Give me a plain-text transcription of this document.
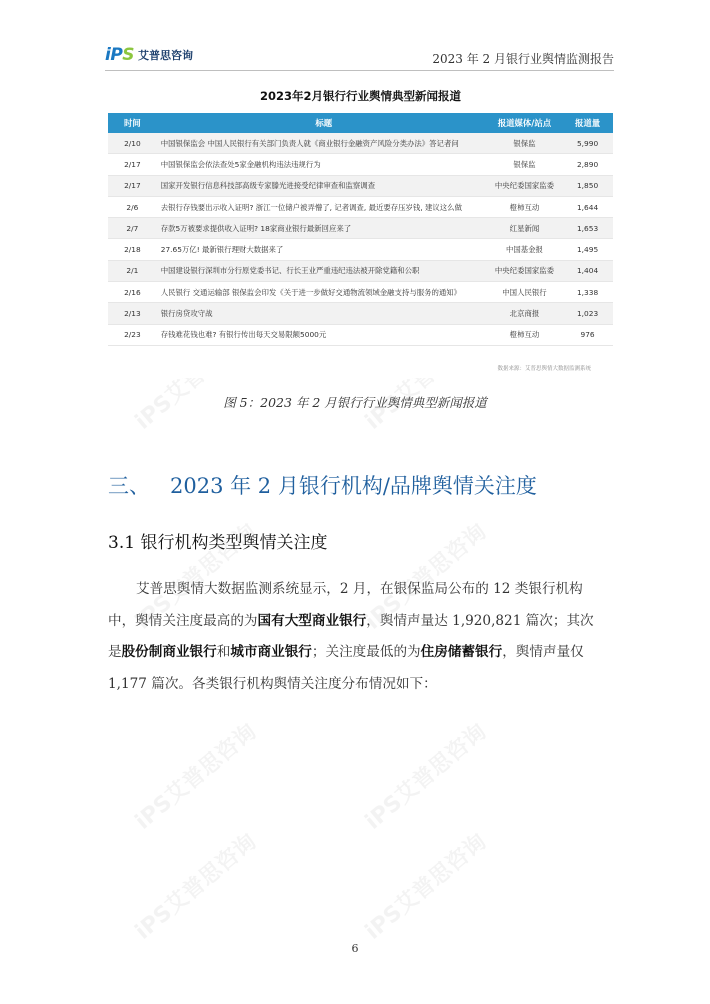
iPS 艾普思咨询	2023 年 2 月银行业舆情监测报告
2023年2月银行行业舆情典型新闻报道
时间	标题	报道媒体/站点	报道量
2/10	中国银保监会 中国人民银行有关部门负责人就《商业银行金融资产风险分类办法》答记者问	银保监	5,990
2/17	中国银保监会依法查处5家金融机构违法违规行为	银保监	2,890
2/17	国家开发银行信息科技部高级专家滕光进接受纪律审查和监察调查	中央纪委国家监委	1,850
2/6	去银行存钱要出示收入证明? 浙江一位储户被弄懵了, 记者调查, 最近要存压岁钱, 建议这么做	橙柿互动	1,644
2/7	存款5万被要求提供收入证明? 18家商业银行最新回应来了	红星新闻	1,653
2/18	27.65万亿! 最新银行理财大数据来了	中国基金报	1,495
2/1	中国建设银行深圳市分行原党委书记、行长王业严重违纪违法被开除党籍和公职	中央纪委国家监委	1,404
2/16	人民银行 交通运输部 银保监会印发《关于进一步做好交通物流领域金融支持与服务的通知》	中国人民银行	1,338
2/13	银行房贷攻守战	北京商报	1,023
2/23	存钱难花钱也难? 有银行传出每天交易限额5000元	橙柿互动	976
数据来源：艾普思舆情大数据监测系统
图 5：2023 年 2 月银行行业舆情典型新闻报道
三、 2023 年 2 月银行机构/品牌舆情关注度
3.1 银行机构类型舆情关注度
艾普思舆情大数据监测系统显示，2 月，在银保监局公布的 12 类银行机构
中，舆情关注度最高的为国有大型商业银行，舆情声量达 1,920,821 篇次；其次
是股份制商业银行和城市商业银行；关注度最低的为住房储蓄银行，舆情声量仅
1,177 篇次。各类银行机构舆情关注度分布情况如下：
6
